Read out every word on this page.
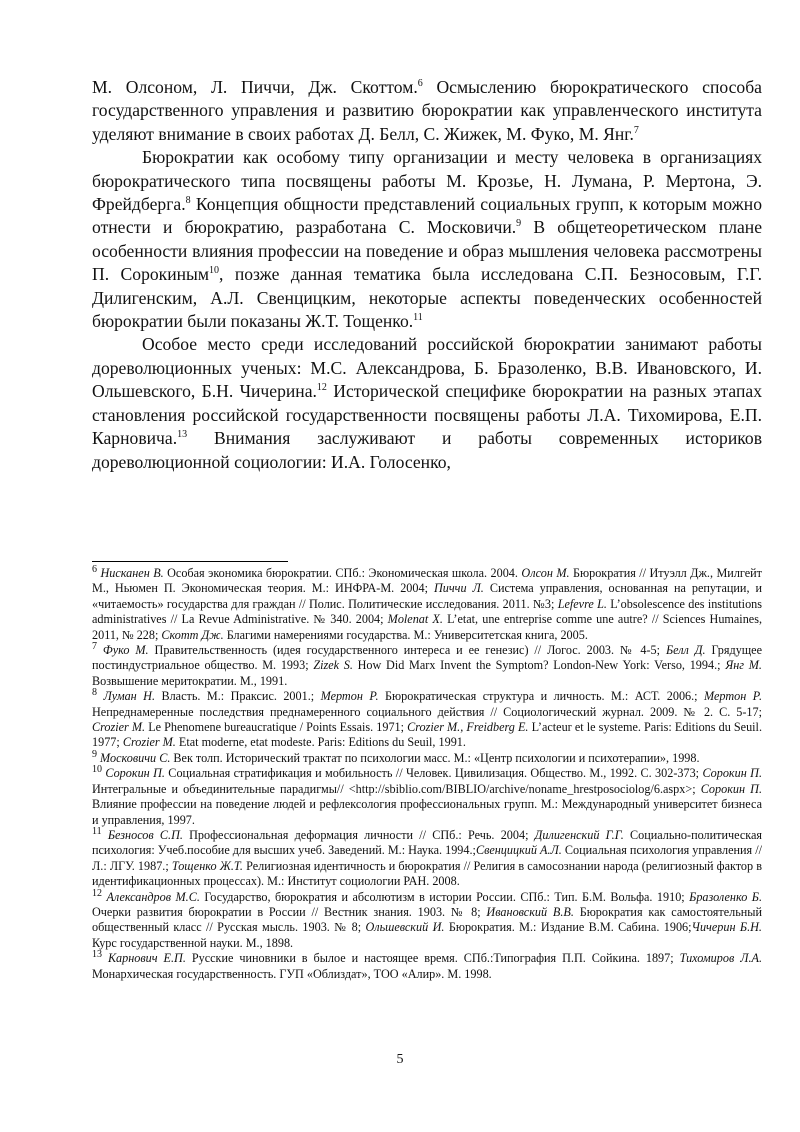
М. Олсоном, Л. Пиччи, Дж. Скоттом.$^6$ Осмыслению бюрократического способа государственного управления и развитию бюрократии как управленческого института уделяют внимание в своих работах Д. Белл, С. Жижек, М. Фуко, М. Янг.$^7$

Бюрократии как особому типу организации и месту человека в организациях бюрократического типа посвящены работы М. Крозье, Н. Лумана, Р. Мертона, Э. Фрейдберга.$^8$ Концепция общности представлений социальных групп, к которым можно отнести и бюрократию, разработана С. Московичи.$^9$ В общетеоретическом плане особенности влияния профессии на поведение и образ мышления человека рассмотрены П. Сорокиным$^{10}$, позже данная тематика была исследована С.П. Безносовым, Г.Г. Дилигенским, А.Л. Свенцицким, некоторые аспекты поведенческих особенностей бюрократии были показаны Ж.Т. Тощенко.$^{11}$

Особое место среди исследований российской бюрократии занимают работы дореволюционных ученых: М.С. Александрова, Б. Бразоленко, В.В. Ивановского, И. Ольшевского, Б.Н. Чичерина.$^{12}$ Исторической специфике бюрократии на разных этапах становления российской государственности посвящены работы Л.А. Тихомирова, Е.П. Карновича.$^{13}$ Внимания заслуживают и работы современных историков дореволюционной социологии: И.А. Голосенко,

$^6$ Нисканен В. Особая экономика бюрократии. СПб.: Экономическая школа. 2004. Олсон М. Бюрократия // Итуэлл Дж., Милгейт М., Ньюмен П. Экономическая теория. М.: ИНФРА-М. 2004; Пиччи Л. Система управления, основанная на репутации, и «читаемость» государства для граждан // Полис. Политические исследования. 2011. №3; Lefevre L. L’obsolescence des institutions administratives // La Revue Administrative. № 340. 2004; Molenat X. L’etat, une entreprise comme une autre? // Sciences Humaines, 2011, № 228; Скотт Дж. Благими намерениями государства. М.: Университетская книга, 2005.

$^7$ Фуко М. Правительственность (идея государственного интереса и ее генезис) // Логос. 2003. № 4-5; Белл Д. Грядущее постиндустриальное общество. М. 1993; Zizek S. How Did Marx Invent the Symptom? London-New York: Verso, 1994.; Янг М. Возвышение меритократии. М., 1991.

$^8$ Луман Н. Власть. М.: Праксис. 2001.; Мертон Р. Бюрократическая структура и личность. М.: АСТ. 2006.; Мертон Р. Непреднамеренные последствия преднамеренного социального действия // Социологический журнал. 2009. № 2. С. 5-17; Crozier M. Le Phenomene bureaucratique / Points Essais. 1971; Crozier M., Freidberg E. L’acteur et le systeme. Paris: Editions du Seuil. 1977; Crozier M. Etat moderne, etat modeste. Paris: Editions du Seuil, 1991.

$^9$ Московичи С. Век толп. Исторический трактат по психологии масс. М.: «Центр психологии и психотерапии», 1998.

$^{10}$ Сорокин П. Социальная стратификация и мобильность // Человек. Цивилизация. Общество. М., 1992. С. 302-373; Сорокин П. Интегральные и объединительные парадигмы// <http://sbiblio.com/BIBLIO/archive/noname_hrestposociolog/6.aspx>; Сорокин П. Влияние профессии на поведение людей и рефлексология профессиональных групп. М.: Международный университет бизнеса и управления, 1997.

$^{11}$ Безносов С.П. Профессиональная деформация личности // СПб.: Речь. 2004; Дилигенский Г.Г. Социально-политическая психология: Учеб.пособие для высших учеб. Заведений. М.: Наука. 1994.;Свенцицкий А.Л. Социальная психология управления // Л.: ЛГУ. 1987.; Тощенко Ж.Т. Религиозная идентичность и бюрократия // Религия в самосознании народа (религиозный фактор в идентификационных процессах). М.: Институт социологии РАН. 2008.

$^{12}$ Александров М.С. Государство, бюрократия и абсолютизм в истории России. СПб.: Тип. Б.М. Вольфа. 1910; Бразоленко Б. Очерки развития бюрократии в России // Вестник знания. 1903. № 8; Ивановский В.В. Бюрократия как самостоятельный общественный класс // Русская мысль. 1903. № 8; Ольшевский И. Бюрократия. М.: Издание В.М. Сабина. 1906;Чичерин Б.Н. Курс государственной науки. М., 1898.

$^{13}$ Карнович Е.П. Русские чиновники в былое и настоящее время. СПб.:Типография П.П. Сойкина. 1897; Тихомиров Л.А. Монархическая государственность. ГУП «Облиздат», ТОО «Алир». М. 1998.

5
